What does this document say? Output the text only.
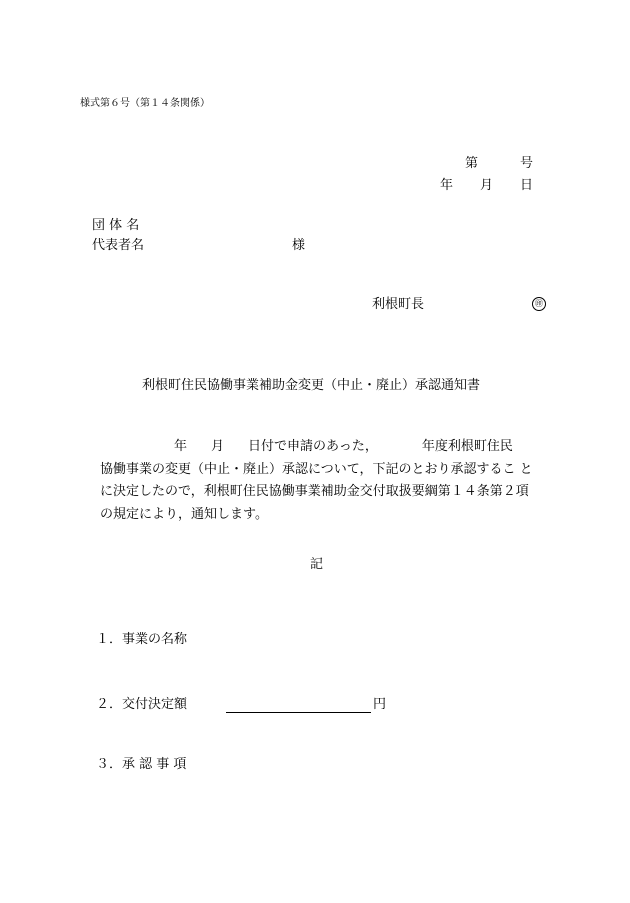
様式第６号（第１４条関係）
第	号
年 月 日
団 体 名
代表者名	様
利根町長	㊞
利根町住民協働事業補助金変更（中止・廃止）承認通知書
年 月 日付で申請のあった，	年度利根町住民
協働事業の変更（中止・廃止）承認について，下記のとおり承認するこ と
に決定したので，利根町住民協働事業補助金交付取扱要綱第１４条第２項
の規定により，通知します。
記
１．事業の名称
２．交付決定額	円
３．承 認 事 項
